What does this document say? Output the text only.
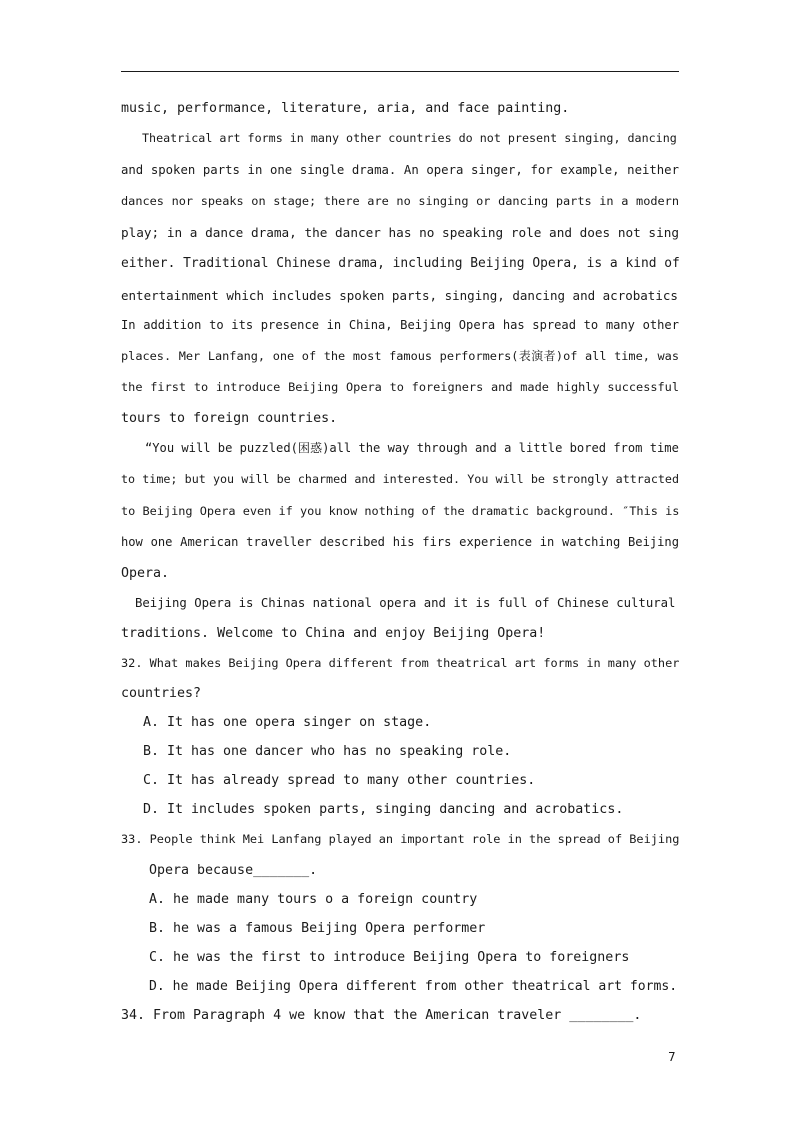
music, performance, literature, aria, and face painting.
Theatrical art forms in many other countries do not present singing, dancing
and spoken parts in one single drama. An opera singer, for example, neither
dances nor speaks on stage; there are no singing or dancing parts in a modern
play; in a dance drama, the dancer has no speaking role and does not sing
either. Traditional Chinese drama, including Beijing Opera, is a kind of
entertainment which includes spoken parts, singing, dancing and acrobatics
In addition to its presence in China, Beijing Opera has spread to many other
places. Mer Lanfang, one of the most famous performers(表演者)of all time, was
the first to introduce Beijing Opera to foreigners and made highly successful
tours to foreign countries.
“You will be puzzled(困惑)all the way through and a little bored from time
to time; but you will be charmed and interested. You will be strongly attracted
to Beijing Opera even if you know nothing of the dramatic background. ″This is
how one American traveller described his firs experience in watching Beijing
Opera.
Beijing Opera is Chinas national opera and it is full of Chinese cultural
traditions. Welcome to China and enjoy Beijing Opera!
32. What makes Beijing Opera different from theatrical art forms in many other
countries?
A. It has one opera singer on stage.
B. It has one dancer who has no speaking role.
C. It has already spread to many other countries.
D. It includes spoken parts, singing dancing and acrobatics.
33. People think Mei Lanfang played an important role in the spread of Beijing
Opera because_______.
A. he made many tours o a foreign country
B. he was a famous Beijing Opera performer
C. he was the first to introduce Beijing Opera to foreigners
D. he made Beijing Opera different from other theatrical art forms.
34. From Paragraph 4 we know that the American traveler ________.
7
